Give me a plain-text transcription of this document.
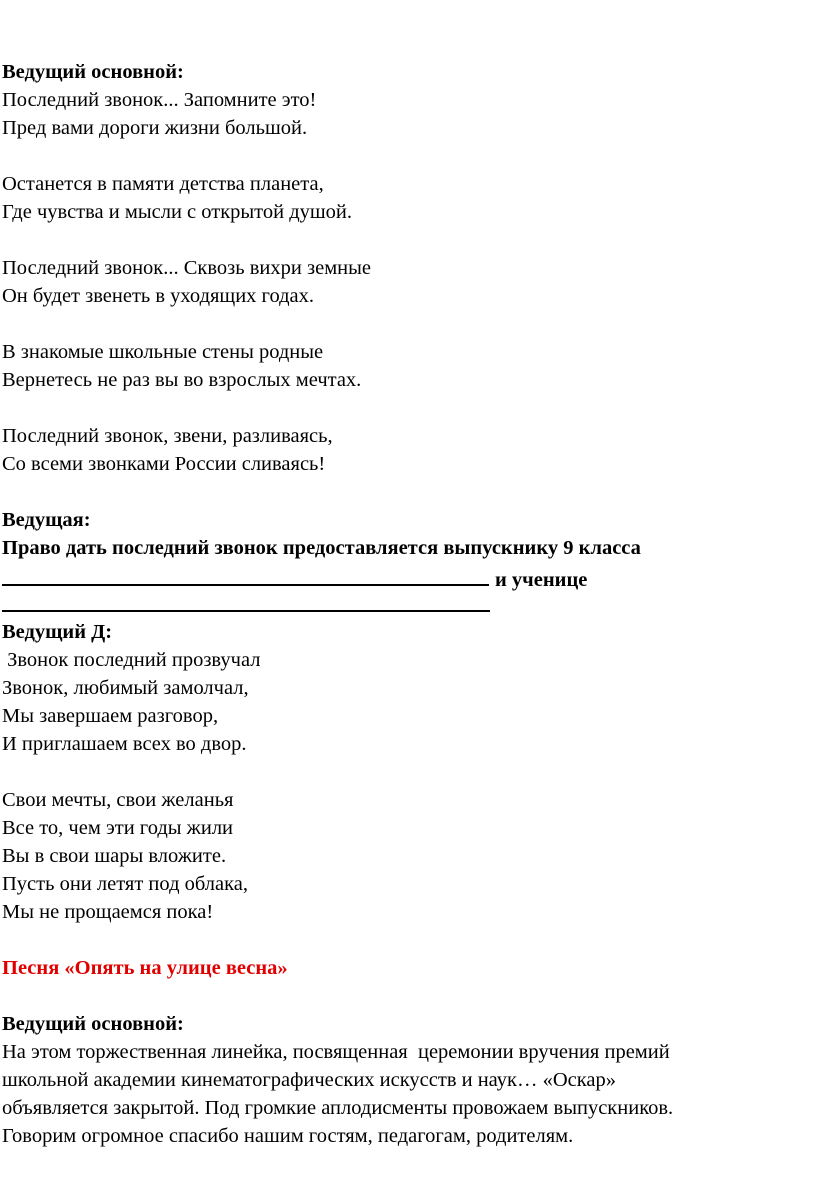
Ведущий основной:
Последний звонок... Запомните это!
Пред вами дороги жизни большой.
Останется в памяти детства планета,
Где чувства и мысли с открытой душой.
Последний звонок... Сквозь вихри земные
Он будет звенеть в уходящих годах.
В знакомые школьные стены родные
Вернетесь не раз вы во взрослых мечтах.
Последний звонок, звени, разливаясь,
Со всеми звонками России сливаясь!
Ведущая:
Право дать последний звонок предоставляется выпускнику 9 класса
и ученице
Ведущий Д:
Звонок последний прозвучал
Звонок, любимый замолчал,
Мы завершаем разговор,
И приглашаем всех во двор.
Свои мечты, свои желанья
Все то, чем эти годы жили
Вы в свои шары вложите.
Пусть они летят под облака,
Мы не прощаемся пока!
Песня «Опять на улице весна»
Ведущий основной:
На этом торжественная линейка, посвященная  церемонии вручения премий
школьной академии кинематографических искусств и наук… «Оскар»
объявляется закрытой. Под громкие аплодисменты провожаем выпускников.
Говорим огромное спасибо нашим гостям, педагогам, родителям.
